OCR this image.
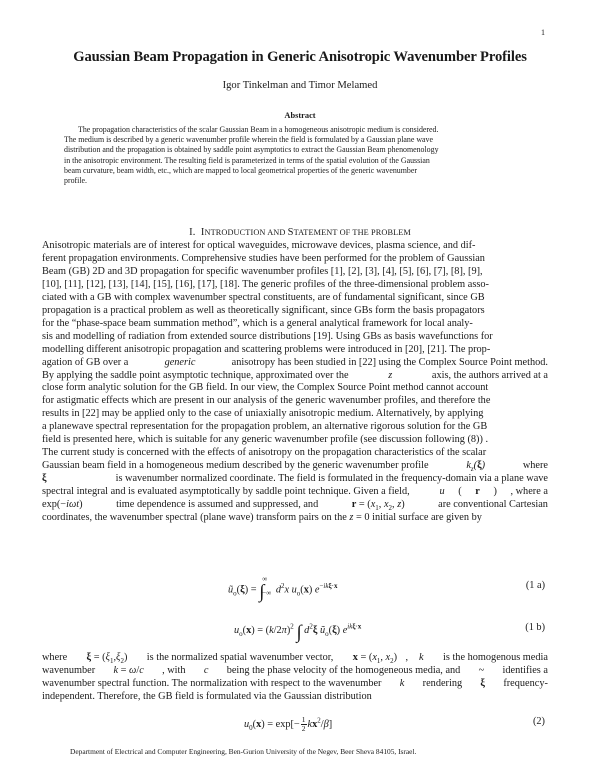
1
Gaussian Beam Propagation in Generic Anisotropic Wavenumber Profiles
Igor Tinkelman and Timor Melamed
Abstract
The propagation characteristics of the scalar Gaussian Beam in a homogeneous anisotropic medium is considered.
The medium is described by a generic wavenumber profile wherein the field is formulated by a Gaussian plane wave
distribution and the propagation is obtained by saddle point asymptotics to extract the Gaussian Beam phenomenology
in the anisotropic environment. The resulting field is parameterized in terms of the spatial evolution of the Gaussian
beam curvature, beam width, etc., which are mapped to local geometrical properties of the generic wavenumber
profile.
I. INTRODUCTION AND STATEMENT OF THE PROBLEM
Anisotropic materials are of interest for optical waveguides, microwave devices, plasma science, and dif-
ferent propagation environments. Comprehensive studies have been performed for the problem of Gaussian
Beam (GB) 2D and 3D propagation for specific wavenumber profiles [1], [2], [3], [4], [5], [6], [7], [8], [9],
[10], [11], [12], [13], [14], [15], [16], [17], [18]. The generic profiles of the three-dimensional problem asso-
ciated with a GB with complex wavenumber spectral constituents, are of fundamental significant, since GB
propagation is a practical problem as well as theoretically significant, since GBs form the basis propagators
for the “phase-space beam summation method”, which is a general analytical framework for local analy-
sis and modelling of radiation from extended source distributions [19]. Using GBs as basis wavefunctions for
modelling different anisotropic propagation and scattering problems were introduced in [20], [21]. The prop-
agation of GB over a
	generic
	anisotropy has been studied in [22] using the Complex Source Point method.
By applying the saddle point asymptotic technique, approximated over the
	z
	axis, the authors arrived at a
close form analytic solution for the GB field. In our view, the Complex Source Point method cannot account
for astigmatic effects which are present in our analysis of the generic wavenumber profiles, and therefore the
results in [22] may be applied only to the case of uniaxially anisotropic medium. Alternatively, by applying
a planewave spectral representation for the propagation problem, an alternative rigorous solution for the GB
field is presented here, which is suitable for any generic wavenumber profile (see discussion following (8)) .
The current study is concerned with the effects of anisotropy on the propagation characteristics of the scalar
Gaussian beam field in a homogeneous medium described by the generic wavenumber profile
	$k_z(\xi)$
	where
ξ
	is wavenumber normalized coordinate. The field is formulated in the frequency-domain via a plane wave
spectral integral and is evaluated asymptotically by saddle point technique. Given a field,
	u ( r ) , where a
exp(−iωt)
	time dependence is assumed and suppressed, and
	$r = (x_1$, $x_2$, z)
	are conventional Cartesian
coordinates, the wavenumber spectral (plane wave) transform pairs on the
z = 0
initial surface are given by
$ũ_o(\xi)$ = ∫
∞
−∞ $d^2x$ $u_o(x)$ $e^{-ik\xi\cdot x}$	(1 a)
$u_o(x) = (k/2\pi)^2$ ∫ $d^2\xi$ $ũ_o(\xi)$ $e^{ik\xi\cdot x}$	(1 b)
where
$\xi = (\xi_1,\xi_2)$
is the normalized spatial wavenumber vector,
$x = (x_1$, $x_2$) , k
is the homogenous media
wavenumber
k = ω/c
, with
c
being the phase velocity of the homogeneous media, and
~
identifies a
wavenumber spectral function. The normalization with respect to the wavenumber
k
rendering
ξ
frequency-
independent. Therefore, the GB field is formulated via the Gaussian distribution
$u_0(x) = \exp[- \frac{1}{2}kx^2/\beta]$	(2)
Department of Electrical and Computer Engineering, Ben-Gurion University of the Negev, Beer Sheva 84105, Israel.
